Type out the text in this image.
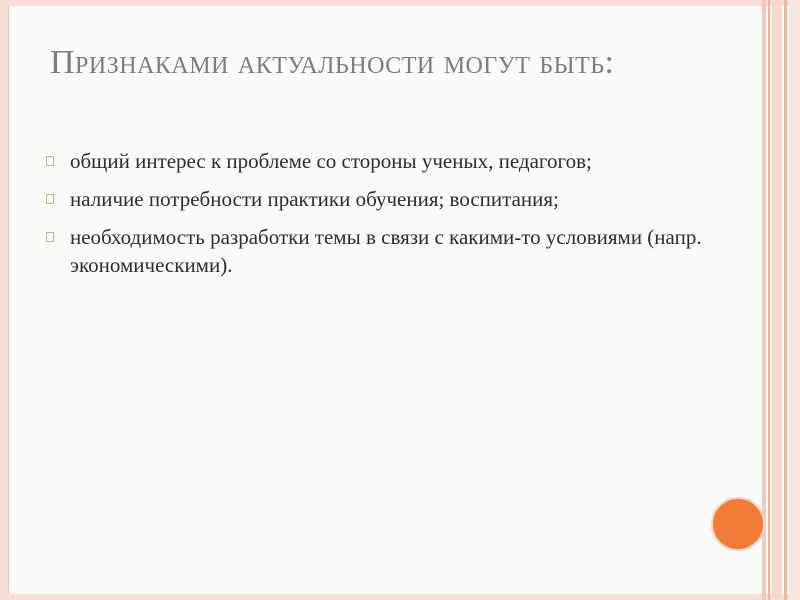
Признаками актуальности могут быть:
общий интерес к проблеме со стороны ученых, педагогов;
наличие потребности практики обучения; воспитания;
необходимость разработки темы в связи с какими-то условиями (напр. экономическими).
